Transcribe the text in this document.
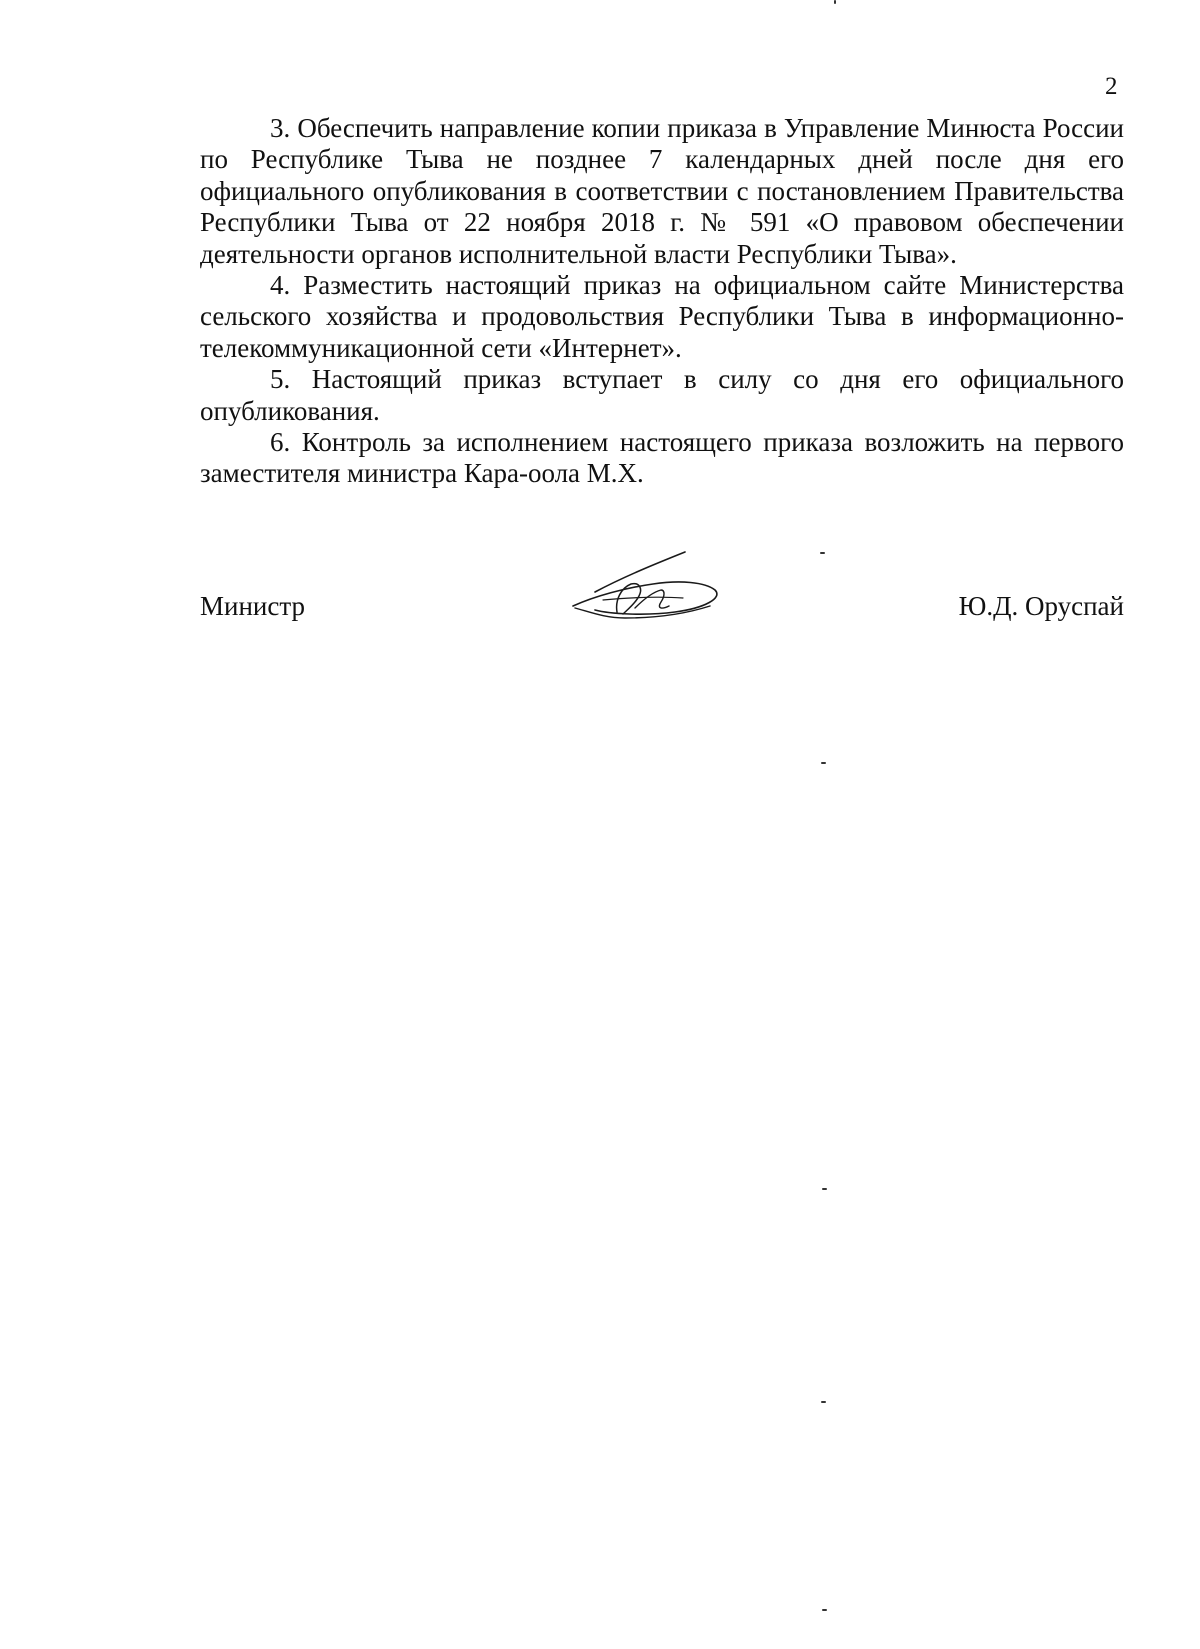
2

3. Обеспечить направление копии приказа в Управление Минюста России по Республике Тыва не позднее 7 календарных дней после дня его официального опубликования в соответствии с постановлением Правительства Республики Тыва от 22 ноября 2018 г. № 591 «О правовом обеспечении деятельности органов исполнительной власти Республики Тыва».

4. Разместить настоящий приказ на официальном сайте Министерства сельского хозяйства и продовольствия Республики Тыва в информационно-телекоммуникационной сети «Интернет».

5. Настоящий приказ вступает в силу со дня его официального опубликования.

6. Контроль за исполнением настоящего приказа возложить на первого заместителя министра Кара-оола М.Х.

Министр	Ю.Д. Оруспай
